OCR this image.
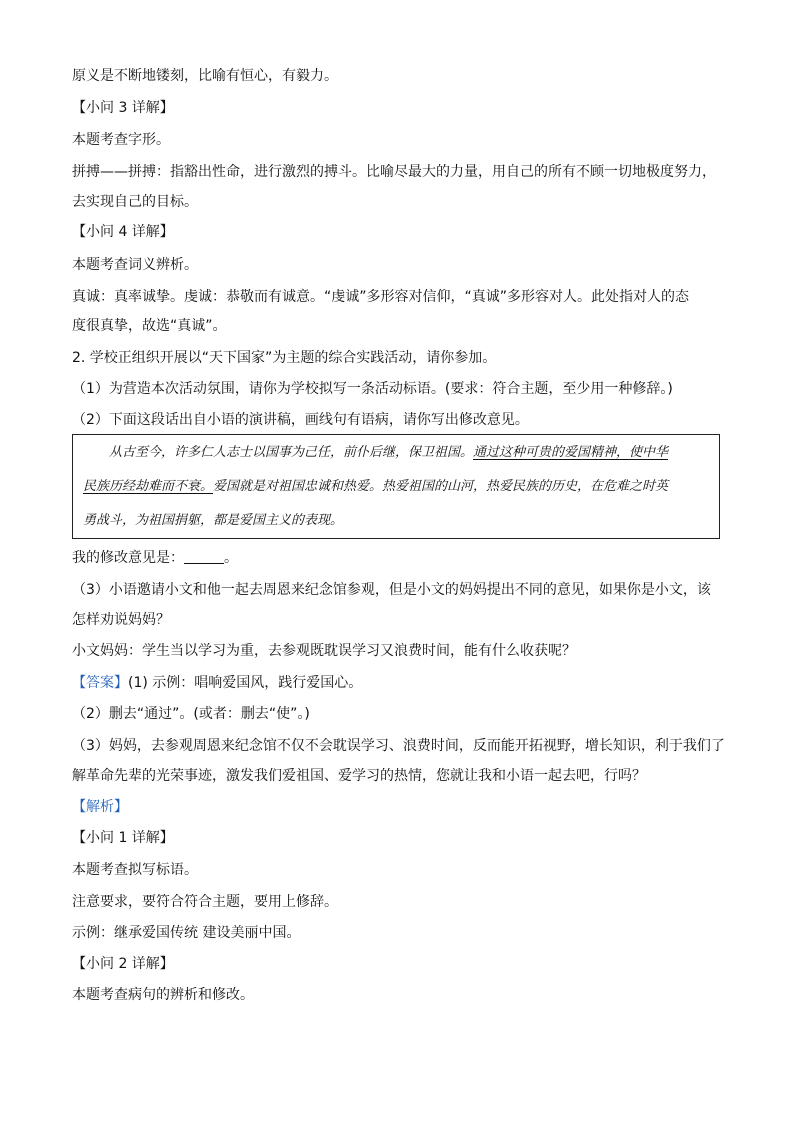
原义是不断地镂刻，比喻有恒心，有毅力。
【小问 3 详解】
本题考查字形。
拼搏——拼搏：指豁出性命，进行激烈的搏斗。比喻尽最大的力量，用自己的所有不顾一切地极度努力，
去实现自己的目标。
【小问 4 详解】
本题考查词义辨析。
真诚：真率诚挚。虔诚：恭敬而有诚意。“虔诚”多形容对信仰，“真诚”多形容对人。此处指对人的态
度很真挚，故选“真诚”。
2. 学校正组织开展以“天下国家”为主题的综合实践活动，请你参加。
（1）为营造本次活动氛围，请你为学校拟写一条活动标语。(要求：符合主题，至少用一种修辞。)
（2）下面这段话出自小语的演讲稿，画线句有语病，请你写出修改意见。
从古至今，许多仁人志士以国事为己任，前仆后继，保卫祖国。通过这种可贵的爱国精神，使中华
民族历经劫难而不衰。爱国就是对祖国忠诚和热爱。热爱祖国的山河，热爱民族的历史，在危难之时英
勇战斗，为祖国捐躯，都是爱国主义的表现。
我的修改意见是：	。
（3）小语邀请小文和他一起去周恩来纪念馆参观，但是小文的妈妈提出不同的意见，如果你是小文，该
怎样劝说妈妈？
小文妈妈：学生当以学习为重，去参观既耽误学习又浪费时间，能有什么收获呢？
【答案】(1) 示例：唱响爱国风，践行爱国心。
（2）删去“通过”。(或者：删去“使”。)
（3）妈妈，去参观周恩来纪念馆不仅不会耽误学习、浪费时间，反而能开拓视野，增长知识，利于我们了
解革命先辈的光荣事迹，激发我们爱祖国、爱学习的热情，您就让我和小语一起去吧，行吗？
【解析】
【小问 1 详解】
本题考查拟写标语。
注意要求，要符合符合主题，要用上修辞。
示例：继承爱国传统 建设美丽中国。
【小问 2 详解】
本题考查病句的辨析和修改。
